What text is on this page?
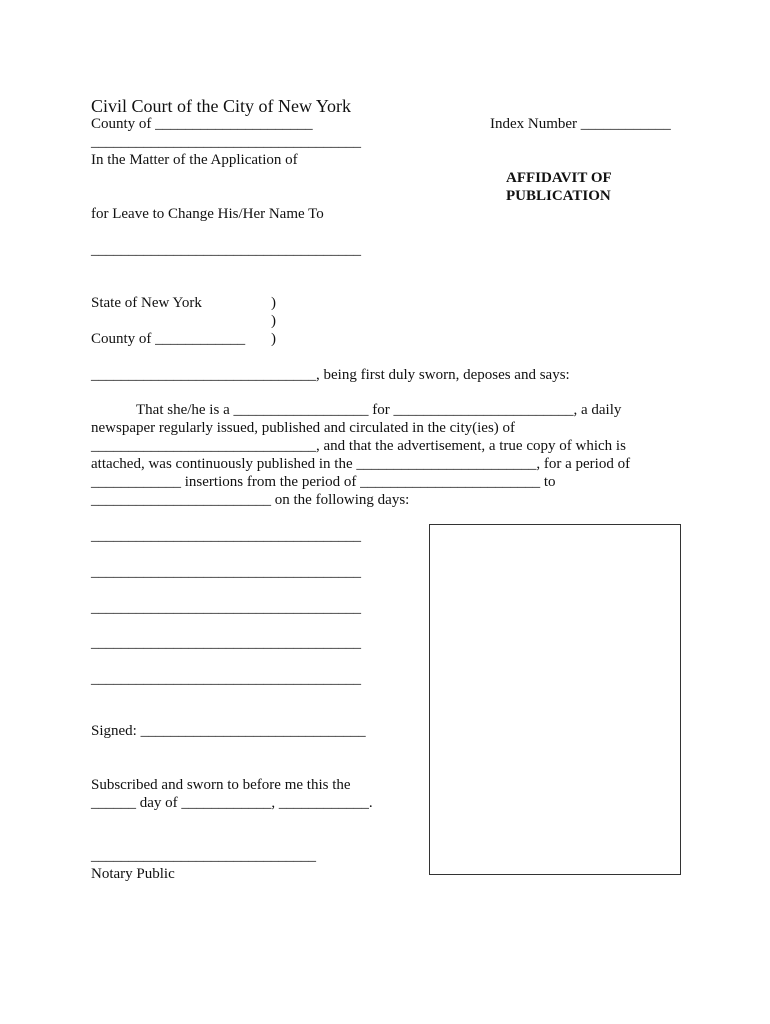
Civil Court of the City of New York
County of _____________________	Index Number ____________
____________________________________
In the Matter of the Application of
AFFIDAVIT OF
PUBLICATION
for Leave to Change His/Her Name To
____________________________________
State of New York	)
)
County of ____________ )
______________________________, being first duly sworn, deposes and says:
That she/he is a __________________ for ________________________, a daily
newspaper regularly issued, published and circulated in the city(ies) of
______________________________, and that the advertisement, a true copy of which is
attached, was continuously published in the ________________________, for a period of
____________ insertions from the period of ________________________ to
________________________ on the following days:
____________________________________
____________________________________
____________________________________
____________________________________
____________________________________
Signed: ______________________________
Subscribed and sworn to before me this the
______ day of ____________, ____________.
______________________________
Notary Public
